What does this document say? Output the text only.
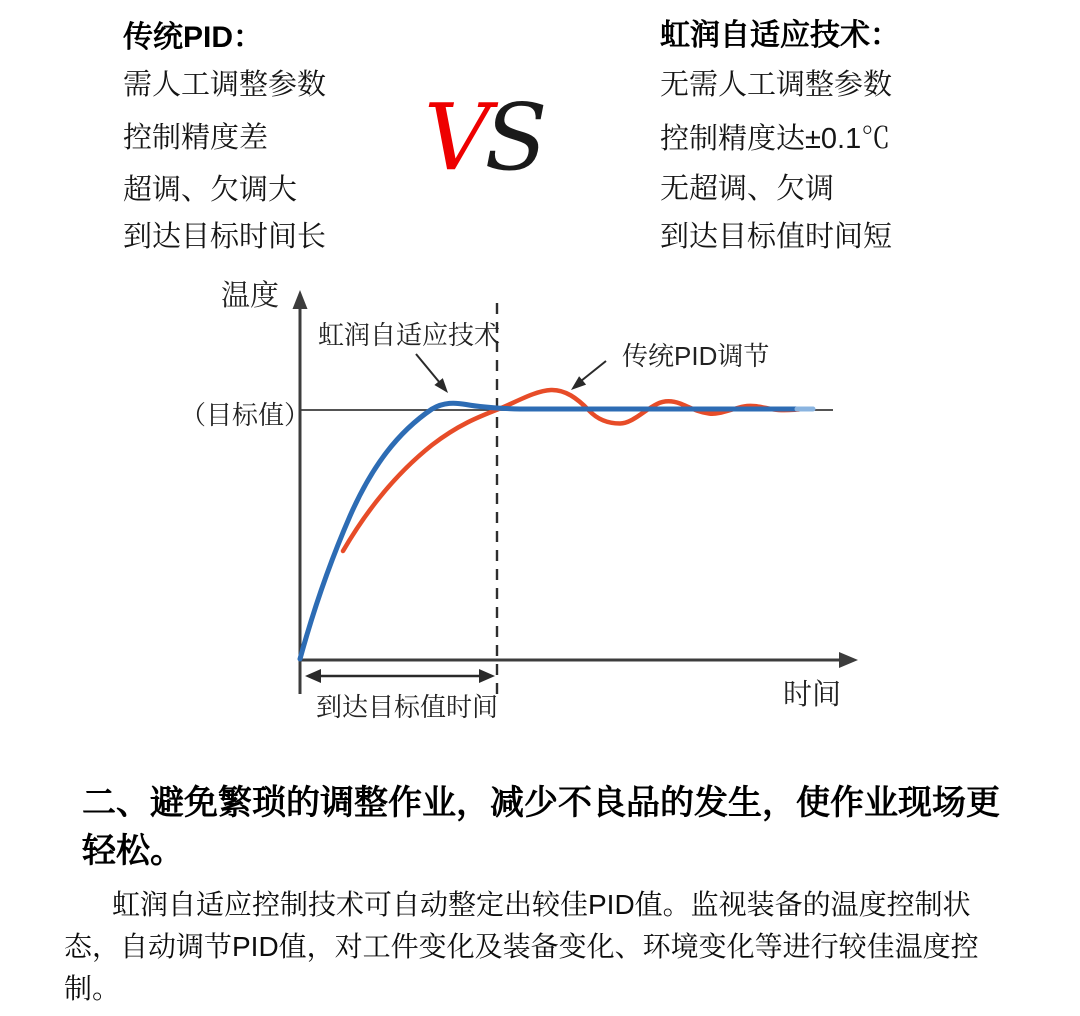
传统PID：
需人工调整参数
控制精度差
超调、欠调大
到达目标时间长
VS
虹润自适应技术：
无需人工调整参数
控制精度达±0.1℃
无超调、欠调
到达目标值时间短
虹润自适应技术
传统PID调节
温度
（目标值）
时间
到达目标值时间
二、避免繁琐的调整作业，减少不良品的发生，使作业现场更
轻松。
虹润自适应控制技术可自动整定出较佳PID值。监视装备的温度控制状
态，自动调节PID值，对工件变化及装备变化、环境变化等进行较佳温度控
制。
